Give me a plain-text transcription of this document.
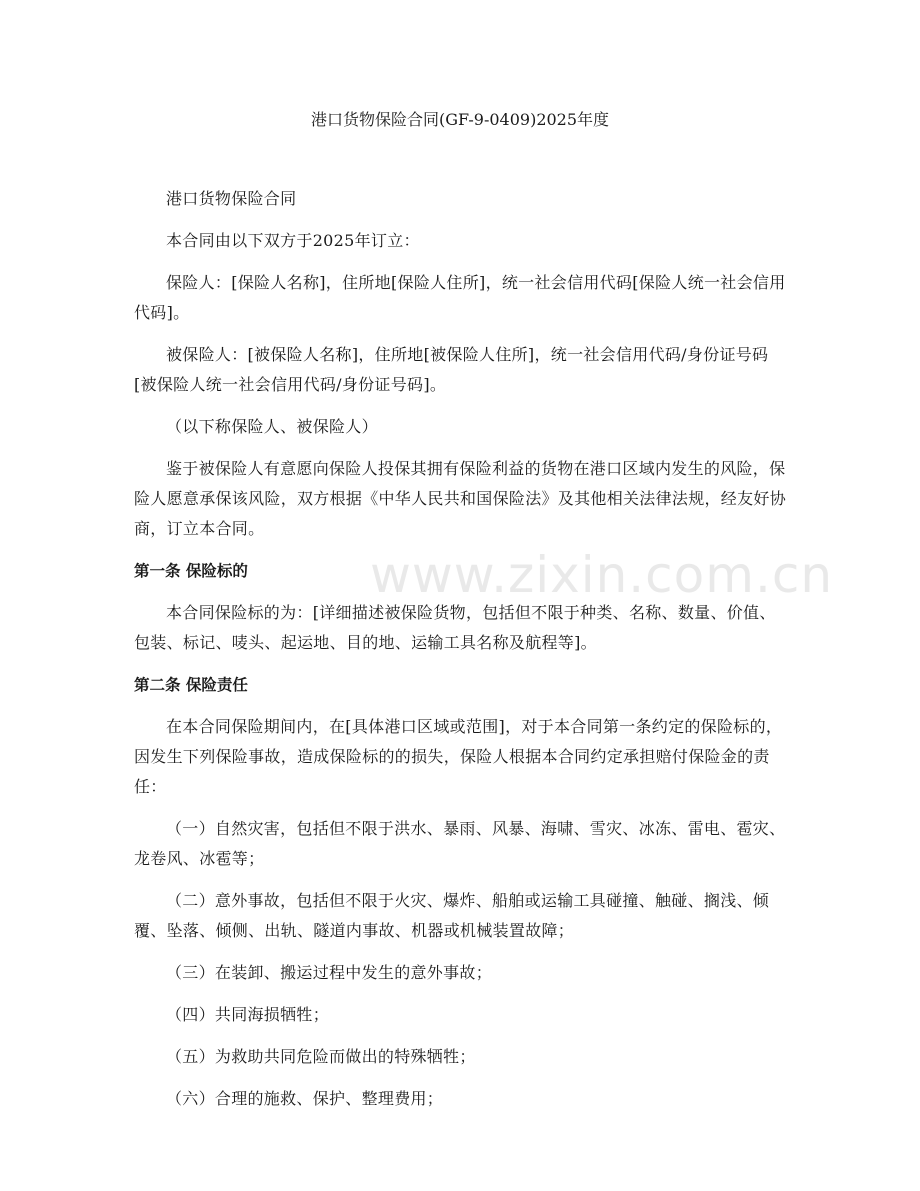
www.zixin.com.cn
港口货物保险合同(GF-9-0409)2025年度

港口货物保险合同

本合同由以下双方于2025年订立：

保险人：[保险人名称]，住所地[保险人住所]，统一社会信用代码[保险人统一社会信用代码]。

被保险人：[被保险人名称]，住所地[被保险人住所]，统一社会信用代码/身份证号码[被保险人统一社会信用代码/身份证号码]。

（以下称保险人、被保险人）

鉴于被保险人有意愿向保险人投保其拥有保险利益的货物在港口区域内发生的风险，保险人愿意承保该风险，双方根据《中华人民共和国保险法》及其他相关法律法规，经友好协商，订立本合同。

第一条 保险标的

本合同保险标的为：[详细描述被保险货物，包括但不限于种类、名称、数量、价值、包装、标记、唛头、起运地、目的地、运输工具名称及航程等]。

第二条 保险责任

在本合同保险期间内，在[具体港口区域或范围]，对于本合同第一条约定的保险标的，因发生下列保险事故，造成保险标的的损失，保险人根据本合同约定承担赔付保险金的责任：

（一）自然灾害，包括但不限于洪水、暴雨、风暴、海啸、雪灾、冰冻、雷电、雹灾、龙卷风、冰雹等；

（二）意外事故，包括但不限于火灾、爆炸、船舶或运输工具碰撞、触碰、搁浅、倾覆、坠落、倾侧、出轨、隧道内事故、机器或机械装置故障；

（三）在装卸、搬运过程中发生的意外事故；

（四）共同海损牺牲；

（五）为救助共同危险而做出的特殊牺牲；

（六）合理的施救、保护、整理费用；
